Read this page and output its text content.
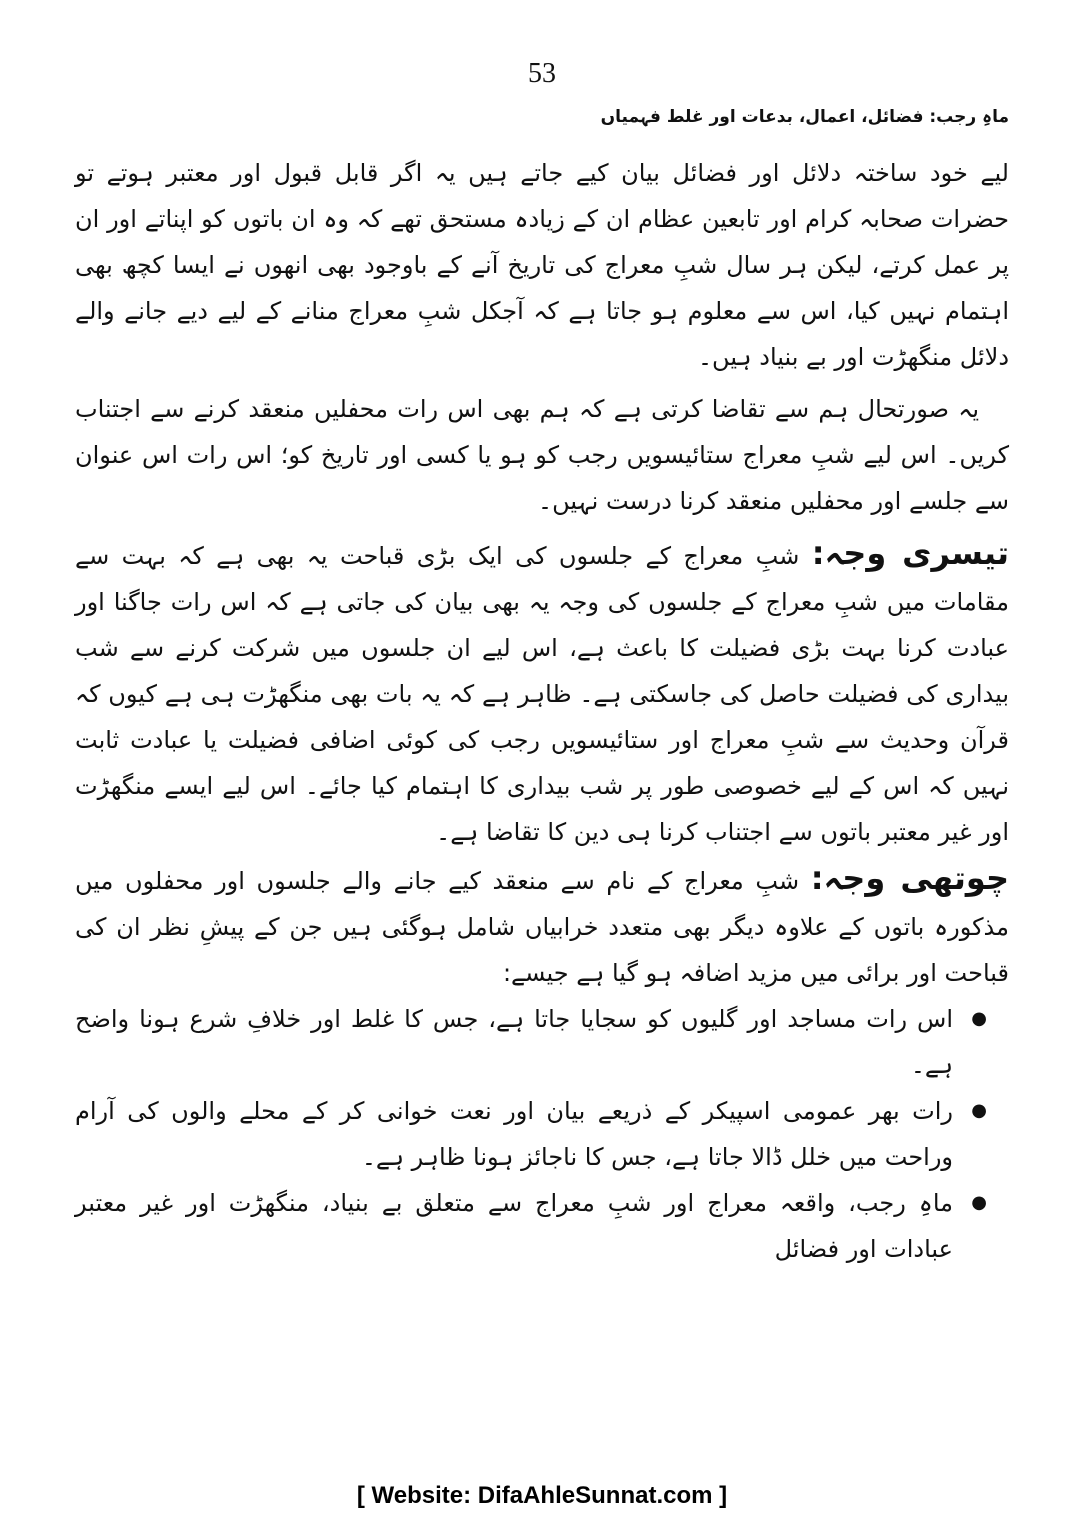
53
ماہِ رجب: فضائل، اعمال، بدعات اور غلط فہمیاں

لیے خود ساختہ دلائل اور فضائل بیان کیے جاتے ہیں یہ اگر قابل قبول اور معتبر ہوتے تو حضرات صحابہ کرام اور تابعین عظام ان کے زیادہ مستحق تھے کہ وہ ان باتوں کو اپناتے اور ان پر عمل کرتے، لیکن ہر سال شبِ معراج کی تاریخ آنے کے باوجود بھی انھوں نے ایسا کچھ بھی اہتمام نہیں کیا، اس سے معلوم ہو جاتا ہے کہ آجکل شبِ معراج منانے کے لیے دیے جانے والے دلائل منگھڑت اور بے بنیاد ہیں۔

یہ صورتحال ہم سے تقاضا کرتی ہے کہ ہم بھی اس رات محفلیں منعقد کرنے سے اجتناب کریں۔ اس لیے شبِ معراج ستائیسویں رجب کو ہو یا کسی اور تاریخ کو؛ اس رات اس عنوان سے جلسے اور محفلیں منعقد کرنا درست نہیں۔

تیسری وجہ: شبِ معراج کے جلسوں کی ایک بڑی قباحت یہ بھی ہے کہ بہت سے مقامات میں شبِ معراج کے جلسوں کی وجہ یہ بھی بیان کی جاتی ہے کہ اس رات جاگنا اور عبادت کرنا بہت بڑی فضیلت کا باعث ہے، اس لیے ان جلسوں میں شرکت کرنے سے شب بیداری کی فضیلت حاصل کی جاسکتی ہے۔ ظاہر ہے کہ یہ بات بھی منگھڑت ہی ہے کیوں کہ قرآن وحدیث سے شبِ معراج اور ستائیسویں رجب کی کوئی اضافی فضیلت یا عبادت ثابت نہیں کہ اس کے لیے خصوصی طور پر شب بیداری کا اہتمام کیا جائے۔ اس لیے ایسے منگھڑت اور غیر معتبر باتوں سے اجتناب کرنا ہی دین کا تقاضا ہے۔

چوتھی وجہ: شبِ معراج کے نام سے منعقد کیے جانے والے جلسوں اور محفلوں میں مذکورہ باتوں کے علاوہ دیگر بھی متعدد خرابیاں شامل ہوگئی ہیں جن کے پیشِ نظر ان کی قباحت اور برائی میں مزید اضافہ ہو گیا ہے جیسے:

● اس رات مساجد اور گلیوں کو سجایا جاتا ہے، جس کا غلط اور خلافِ شرع ہونا واضح ہے۔
● رات بھر عمومی اسپیکر کے ذریعے بیان اور نعت خوانی کر کے محلے والوں کی آرام وراحت میں خلل ڈالا جاتا ہے، جس کا ناجائز ہونا ظاہر ہے۔
● ماہِ رجب، واقعہ معراج اور شبِ معراج سے متعلق بے بنیاد، منگھڑت اور غیر معتبر عبادات اور فضائل
[ Website: DifaAhleSunnat.com ]
